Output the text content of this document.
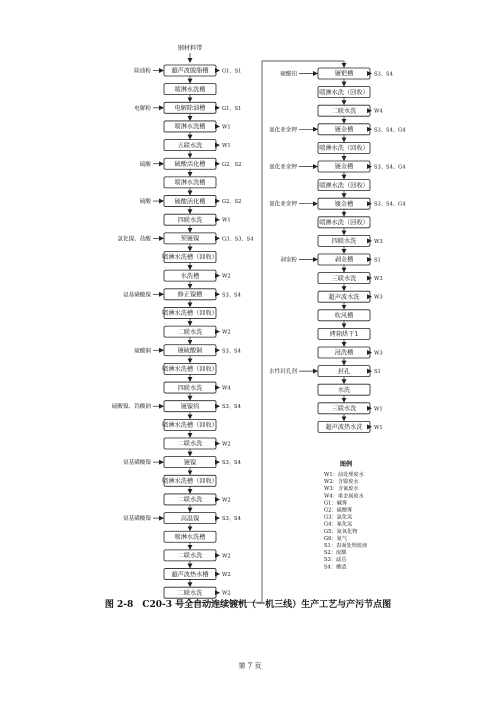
钢材料带
超声波脱脂槽
除油粉	G1、S1
喷淋水洗槽
电解除油槽
电解粉	G1、S1
喷淋水洗槽	W1
五联水洗	W1
硫酸活化槽
硫酸	G2、S2
喷淋水洗槽
硫酸活化槽
硫酸	G2、S2
四联水洗	W1
预镀镍
氯化镍、盐酸	G3、S3、S4
喷淋水洗槽（回收）
水洗槽	W2
修正镍槽
氨基磺酸镍	S3、S4
喷淋水洗槽（回收）
二联水洗	W2
镀硫酸铜
硫酸铜	S3、S4
喷淋水洗槽（回收）
四联水洗	W4
镀镍钨
硫酸镍、钨酸钠	S3、S4
喷淋水洗槽（回收）
二联水洗	W2
镀镍
氨基磺酸镍	S3、S4
喷淋水洗槽（回收）
二联水洗	W2
高温镍
氨基磺酸镍	S3、S4
喷淋水洗槽
二联水洗	W2
超声波热水槽	W2
二联水洗	W2
镀钯槽
硫酸铂	S3、S4
喷淋水洗（回收）
二联水洗	W4
镀金槽
氰化亚金钾	S3、S4、G4
喷淋水洗（回收）
镀金槽
氰化亚金钾	S3、S4、G4
喷淋水洗（回收）
镀金槽
氰化亚金钾	S3、S4、G4
喷淋水洗（回收）
四联水洗	W3
剥金槽
剥金粉	S1
三联水洗	W3
超声波水洗	W3
吹风槽
烤箱烘干1
浸洗槽	W3
封孔
水性封孔剂	S1
水洗
三联水洗	W1
超声波热水洗 W1
图例
W1：前处理废水
W2：含镍废水
W3：含氰废水
W4：重金属废水
G1：碱雾
G2：硫酸雾
G3：氯化氢
G4：氰化氢
G5：氮氧化物
G6：氨气
S1：表面处理废液
S2：废酸
S3：滤芯
S4：槽渣
图 2-8　C20-3 号全自动连续镀机（一机三线）生产工艺与产污节点图
第 7 页
